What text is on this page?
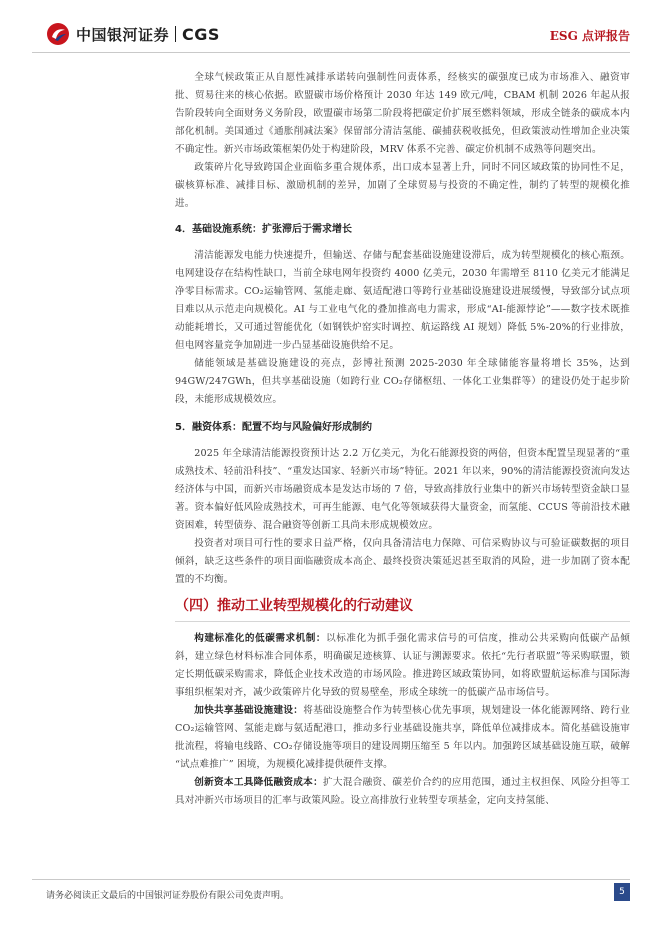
中国银河证券 CGS	ESG 点评报告

全球气候政策正从自愿性减排承诺转向强制性问责体系，经核实的碳强度已成为市场准入、融资审批、贸易往来的核心依据。欧盟碳市场价格预计 2030 年达 149 欧元/吨，CBAM 机制 2026 年起从报告阶段转向全面财务义务阶段，欧盟碳市场第二阶段将把碳定价扩展至燃料领域，形成全链条的碳成本内部化机制。美国通过《通胀削减法案》保留部分清洁氢能、碳捕获税收抵免，但政策波动性增加企业决策不确定性。新兴市场政策框架仍处于构建阶段，MRV 体系不完善、碳定价机制不成熟等问题突出。

政策碎片化导致跨国企业面临多重合规体系，出口成本显著上升，同时不同区域政策的协同性不足，碳核算标准、减排目标、激励机制的差异，加剧了全球贸易与投资的不确定性，制约了转型的规模化推进。

4．基础设施系统：扩张滞后于需求增长

清洁能源发电能力快速提升，但输送、存储与配套基础设施建设滞后，成为转型规模化的核心瓶颈。电网建设存在结构性缺口，当前全球电网年投资约 4000 亿美元，2030 年需增至 8110 亿美元才能满足净零目标需求。CO₂运输管网、氢能走廊、氨适配港口等跨行业基础设施建设进展缓慢，导致部分试点项目难以从示范走向规模化。AI 与工业电气化的叠加推高电力需求，形成“AI-能源悖论”——数字技术既推动能耗增长，又可通过智能优化（如钢铁炉窑实时调控、航运路线 AI 规划）降低 5%-20%的行业排放，但电网容量竞争加剧进一步凸显基础设施供给不足。

储能领域是基础设施建设的亮点，彭博社预测 2025-2030 年全球储能容量将增长 35%，达到 94GW/247GWh，但共享基础设施（如跨行业 CO₂存储枢纽、一体化工业集群等）的建设仍处于起步阶段，未能形成规模效应。

5．融资体系：配置不均与风险偏好形成制约

2025 年全球清洁能源投资预计达 2.2 万亿美元，为化石能源投资的两倍，但资本配置呈现显著的“重成熟技术、轻前沿科技”、“重发达国家、轻新兴市场”特征。2021 年以来，90%的清洁能源投资流向发达经济体与中国，而新兴市场融资成本是发达市场的 7 倍，导致高排放行业集中的新兴市场转型资金缺口显著。资本偏好低风险成熟技术，可再生能源、电气化等领域获得大量资金，而氢能、CCUS 等前沿技术融资困难，转型债券、混合融资等创新工具尚未形成规模效应。

投资者对项目可行性的要求日益严格，仅向具备清洁电力保障、可信采购协议与可验证碳数据的项目倾斜，缺乏这些条件的项目面临融资成本高企、最终投资决策延迟甚至取消的风险，进一步加剧了资本配置的不均衡。

（四）推动工业转型规模化的行动建议

构建标准化的低碳需求机制：以标准化为抓手强化需求信号的可信度，推动公共采购向低碳产品倾斜，建立绿色材料标准合同体系，明确碳足迹核算、认证与溯源要求。依托“先行者联盟”等采购联盟，锁定长期低碳采购需求，降低企业技术改造的市场风险。推进跨区域政策协同，如将欧盟航运标准与国际海事组织框架对齐，减少政策碎片化导致的贸易壁垒，形成全球统一的低碳产品市场信号。

加快共享基础设施建设：将基础设施整合作为转型核心优先事项，规划建设一体化能源网络、跨行业 CO₂运输管网、氢能走廊与氨适配港口，推动多行业基础设施共享，降低单位减排成本。简化基础设施审批流程，将输电线路、CO₂存储设施等项目的建设周期压缩至 5 年以内。加强跨区域基础设施互联，破解 “试点难推广” 困境，为规模化减排提供硬件支撑。

创新资本工具降低融资成本：扩大混合融资、碳差价合约的应用范围，通过主权担保、风险分担等工具对冲新兴市场项目的汇率与政策风险。设立高排放行业转型专项基金，定向支持氢能、

请务必阅读正文最后的中国银河证券股份有限公司免责声明。	5
